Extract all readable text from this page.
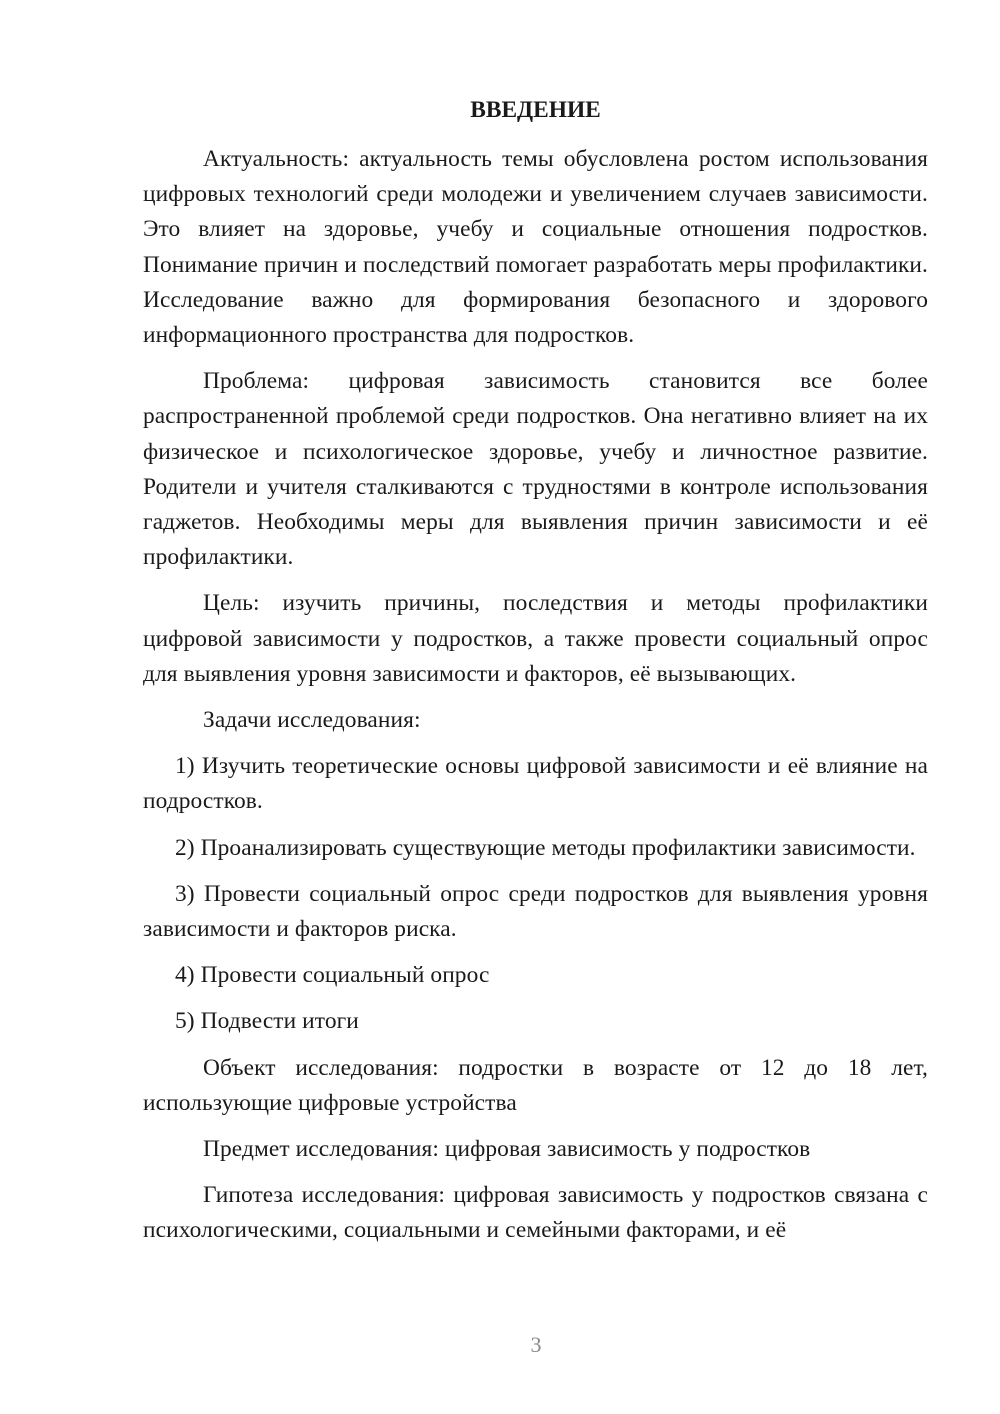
ВВЕДЕНИЕ

Актуальность: актуальность темы обусловлена ростом использования цифровых технологий среди молодежи и увеличением случаев зависимости. Это влияет на здоровье, учебу и социальные отношения подростков. Понимание причин и последствий помогает разработать меры профилактики. Исследование важно для формирования безопасного и здорового информационного пространства для подростков.

Проблема: цифровая зависимость становится все более распространенной проблемой среди подростков. Она негативно влияет на их физическое и психологическое здоровье, учебу и личностное развитие. Родители и учителя сталкиваются с трудностями в контроле использования гаджетов. Необходимы меры для выявления причин зависимости и её профилактики.

Цель: изучить причины, последствия и методы профилактики цифровой зависимости у подростков, а также провести социальный опрос для выявления уровня зависимости и факторов, её вызывающих.

Задачи исследования:

1) Изучить теоретические основы цифровой зависимости и её влияние на подростков.

2) Проанализировать существующие методы профилактики зависимости.

3) Провести социальный опрос среди подростков для выявления уровня зависимости и факторов риска.

4) Провести социальный опрос

5) Подвести итоги

Объект исследования: подростки в возрасте от 12 до 18 лет, использующие цифровые устройства

Предмет исследования: цифровая зависимость у подростков

Гипотеза исследования: цифровая зависимость у подростков связана с психологическими, социальными и семейными факторами, и её

3
